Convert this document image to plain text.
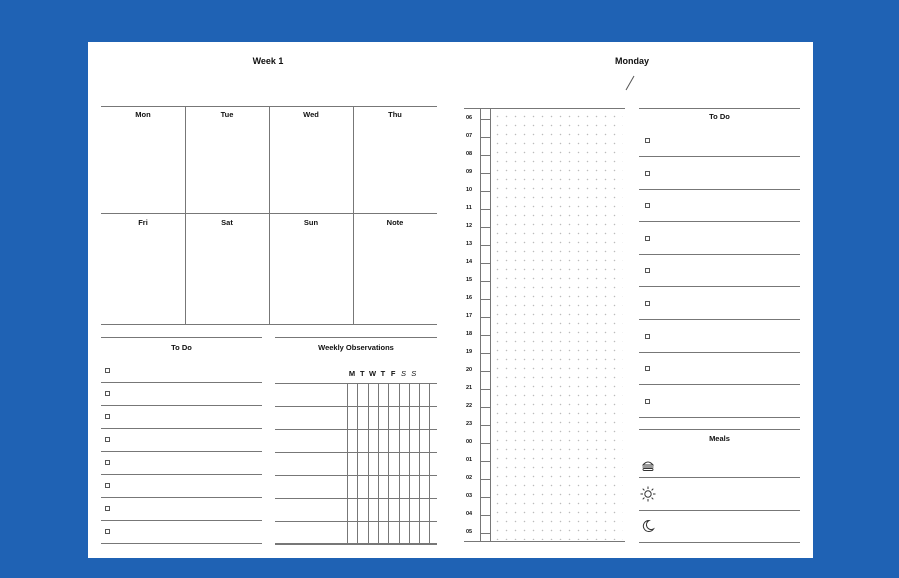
Week 1
Mon	Tue	Wed	Thu
Fri	Sat	Sun	Note
To Do	Weekly Observations
M T W T F S S
Monday
06
07
08
09
10
11
12
13
14
15
16
17
18
19
20
21
22
23
00
01
02
03
04
05
To Do
Meals
